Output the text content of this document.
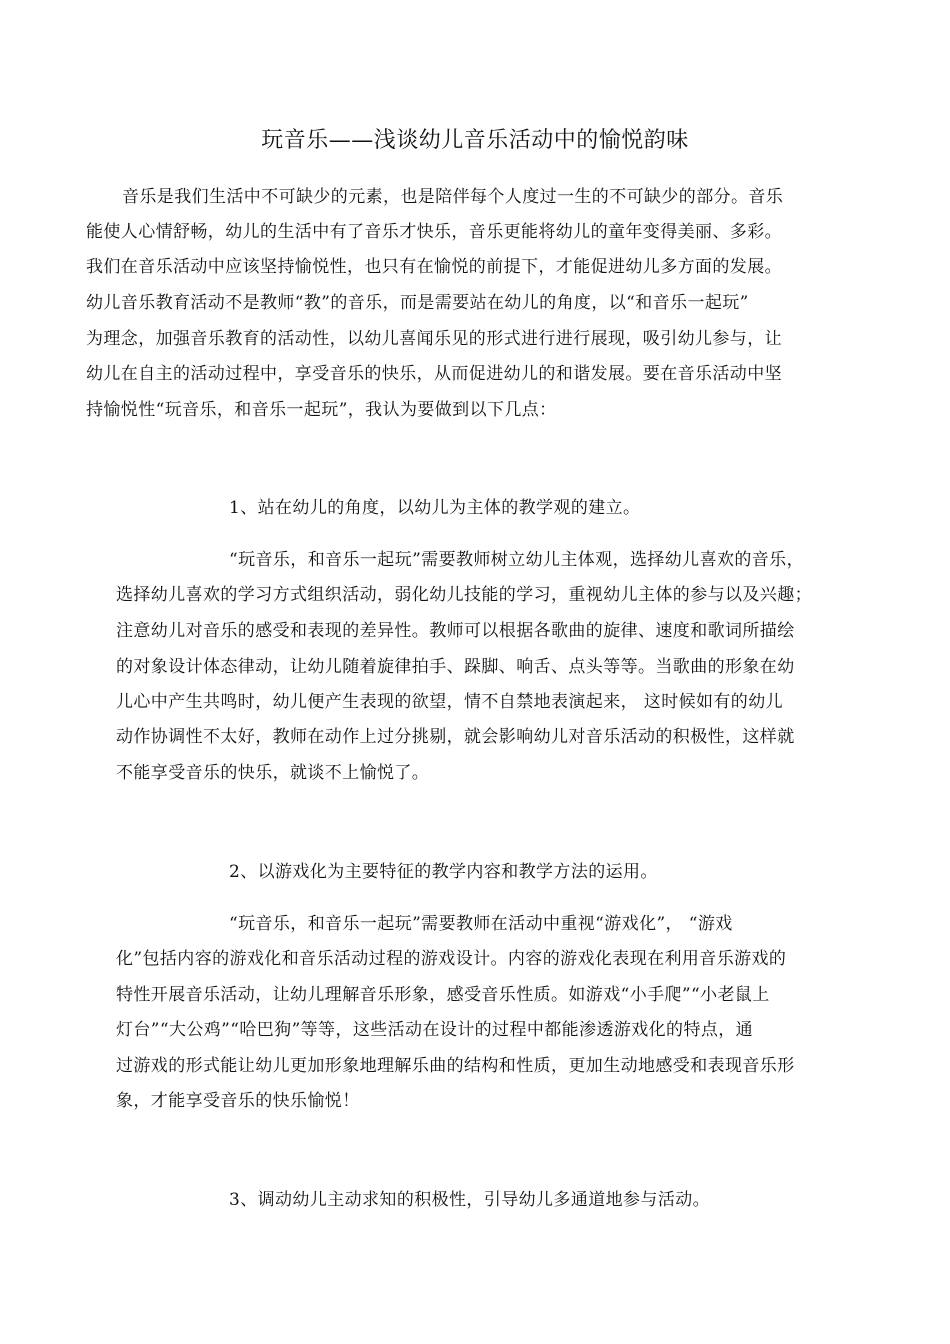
玩音乐——浅谈幼儿音乐活动中的愉悦韵味
音乐是我们生活中不可缺少的元素，也是陪伴每个人度过一生的不可缺少的部分。音乐
能使人心情舒畅，幼儿的生活中有了音乐才快乐，音乐更能将幼儿的童年变得美丽、多彩。
我们在音乐活动中应该坚持愉悦性，也只有在愉悦的前提下，才能促进幼儿多方面的发展。
幼儿音乐教育活动不是教师“教”的音乐，而是需要站在幼儿的角度，以“和音乐一起玩”
为理念，加强音乐教育的活动性，以幼儿喜闻乐见的形式进行进行展现，吸引幼儿参与，让
幼儿在自主的活动过程中，享受音乐的快乐，从而促进幼儿的和谐发展。要在音乐活动中坚
持愉悦性“玩音乐，和音乐一起玩”，我认为要做到以下几点：
1、站在幼儿的角度，以幼儿为主体的教学观的建立。
“玩音乐，和音乐一起玩”需要教师树立幼儿主体观，选择幼儿喜欢的音乐，
选择幼儿喜欢的学习方式组织活动，弱化幼儿技能的学习，重视幼儿主体的参与以及兴趣；
注意幼儿对音乐的感受和表现的差异性。教师可以根据各歌曲的旋律、速度和歌词所描绘
的对象设计体态律动，让幼儿随着旋律拍手、跺脚、响舌、点头等等。当歌曲的形象在幼
儿心中产生共鸣时，幼儿便产生表现的欲望，情不自禁地表演起来， 这时候如有的幼儿
动作协调性不太好，教师在动作上过分挑剔，就会影响幼儿对音乐活动的积极性，这样就
不能享受音乐的快乐，就谈不上愉悦了。
2、以游戏化为主要特征的教学内容和教学方法的运用。
“玩音乐，和音乐一起玩”需要教师在活动中重视“游戏化”， “游戏
化”包括内容的游戏化和音乐活动过程的游戏设计。内容的游戏化表现在利用音乐游戏的
特性开展音乐活动，让幼儿理解音乐形象，感受音乐性质。如游戏“小手爬”“小老鼠上
灯台”“大公鸡”“哈巴狗”等等，这些活动在设计的过程中都能渗透游戏化的特点，通
过游戏的形式能让幼儿更加形象地理解乐曲的结构和性质，更加生动地感受和表现音乐形
象，才能享受音乐的快乐愉悦！
3、调动幼儿主动求知的积极性，引导幼儿多通道地参与活动。
